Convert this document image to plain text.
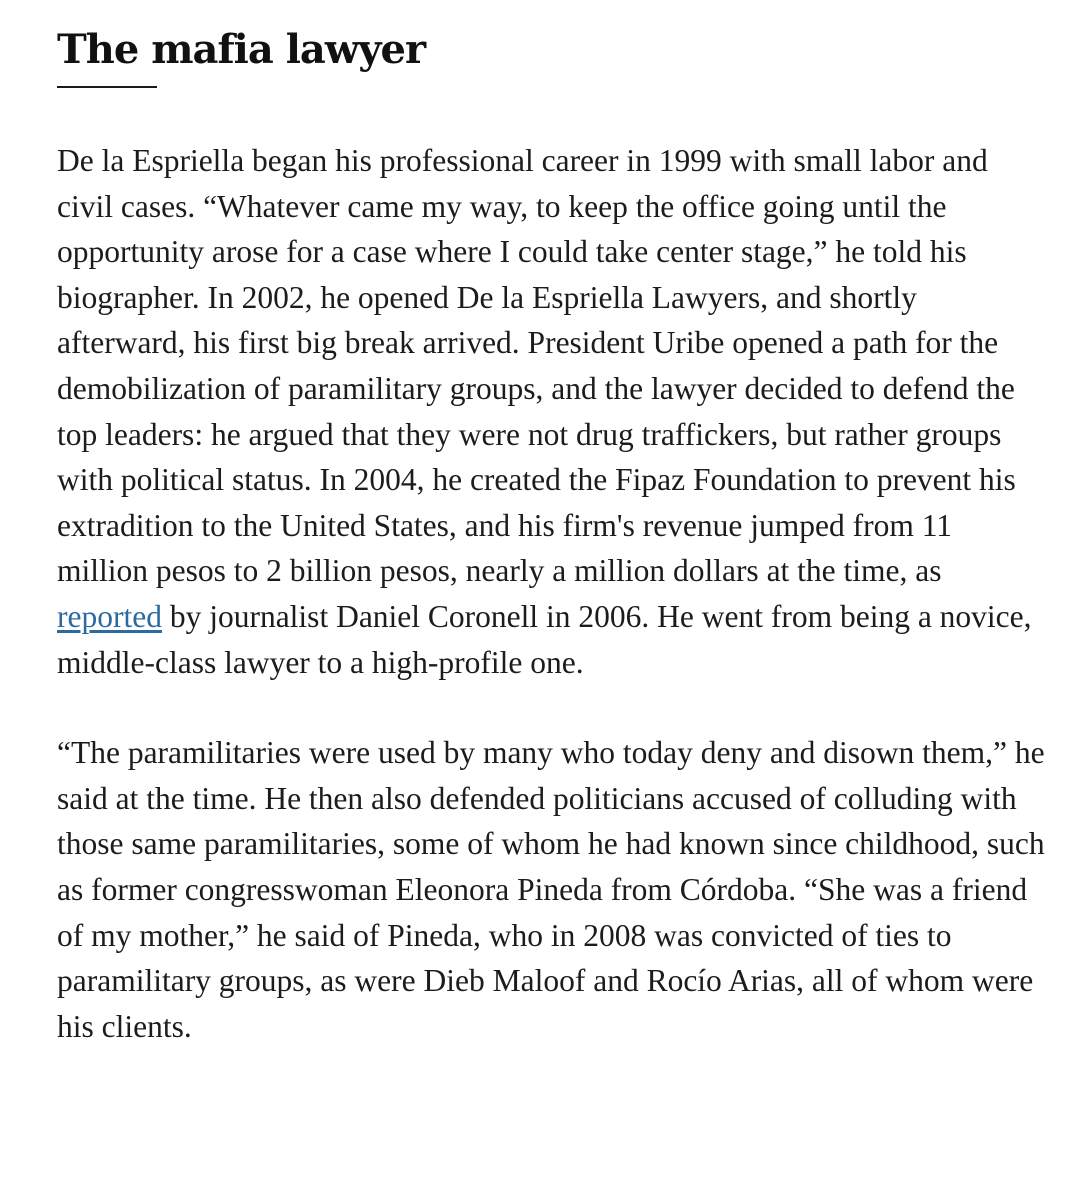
The mafia lawyer

De la Espriella began his professional career in 1999 with small labor and civil cases. “Whatever came my way, to keep the office going until the opportunity arose for a case where I could take center stage,” he told his biographer. In 2002, he opened De la Espriella Lawyers, and shortly afterward, his first big break arrived. President Uribe opened a path for the demobilization of paramilitary groups, and the lawyer decided to defend the top leaders: he argued that they were not drug traffickers, but rather groups with political status. In 2004, he created the Fipaz Foundation to prevent his extradition to the United States, and his firm's revenue jumped from 11 million pesos to 2 billion pesos, nearly a million dollars at the time, as reported by journalist Daniel Coronell in 2006. He went from being a novice, middle-class lawyer to a high-profile one.

“The paramilitaries were used by many who today deny and disown them,” he said at the time. He then also defended politicians accused of colluding with those same paramilitaries, some of whom he had known since childhood, such as former congresswoman Eleonora Pineda from Córdoba. “She was a friend of my mother,” he said of Pineda, who in 2008 was convicted of ties to paramilitary groups, as were Dieb Maloof and Rocío Arias, all of whom were his clients.
